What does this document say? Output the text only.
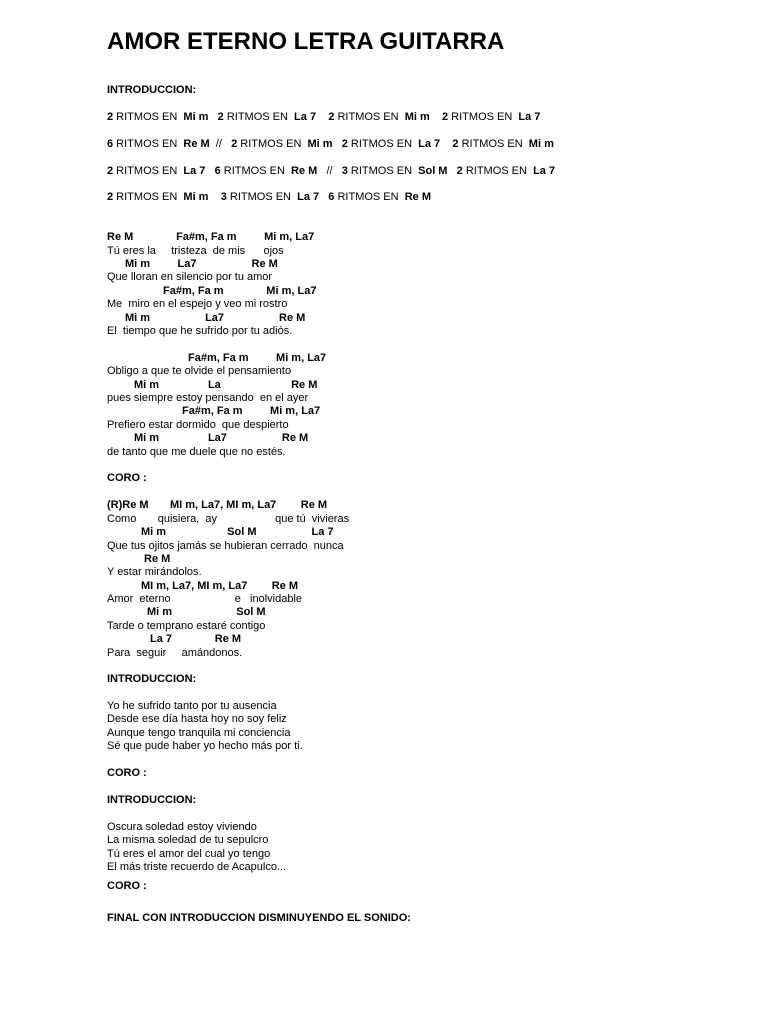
AMOR ETERNO LETRA GUITARRA
INTRODUCCION:
2 RITMOS EN  Mi m 2 RITMOS EN  La 7 2 RITMOS EN  Mi m 2 RITMOS EN  La 7
6 RITMOS EN  Re M  //   2 RITMOS EN  Mi m 2 RITMOS EN  La 7 2 RITMOS EN  Mi m
2 RITMOS EN  La 7 6 RITMOS EN  Re M   //   3 RITMOS EN  Sol M 2 RITMOS EN  La 7
2 RITMOS EN  Mi m 3 RITMOS EN  La 7 6 RITMOS EN  Re M
Re M              Fa#m, Fa m         Mi m, La7
Tú eres la     tristeza  de mis      ojos
Mi m         La7                  Re M
Que lloran en silencio por tu amor
Fa#m, Fa m              Mi m, La7
Me  miro en el espejo y veo mi rostro
Mi m                  La7                  Re M
El  tiempo que he sufrido por tu adiós.
Fa#m, Fa m         Mi m, La7
Obligo a que te olvide el pensamiento
Mi m                La                       Re M
pues siempre estoy pensando  en el ayer
Fa#m, Fa m         Mi m, La7
Prefiero estar dormido  que despierto
Mi m                La7                  Re M
de tanto que me duele que no estés.
CORO :
(R)Re M       MI m, La7, MI m, La7        Re M
Como       quisiera,  ay                   que tú  vivieras
Mi m                    Sol M                  La 7
Que tus ojitos jamás se hubieran cerrado  nunca
Re M
Y estar mirándolos.
MI m, La7, MI m, La7        Re M
Amor  eterno                     e   inolvidable
Mi m                     Sol M
Tarde o temprano estaré contigo
La 7              Re M
Para  seguir     amándonos.
INTRODUCCION:
Yo he sufrido tanto por tu ausencia
Desde ese día hasta hoy no soy feliz
Aunque tengo tranquila mi conciencia
Sé que pude haber yo hecho más por ti.
CORO :
INTRODUCCION:
Oscura soledad estoy viviendo
La misma soledad de tu sepulcro
Tú eres el amor del cual yo tengo
El más triste recuerdo de Acapulco...
CORO :
FINAL CON INTRODUCCION DISMINUYENDO EL SONIDO:
